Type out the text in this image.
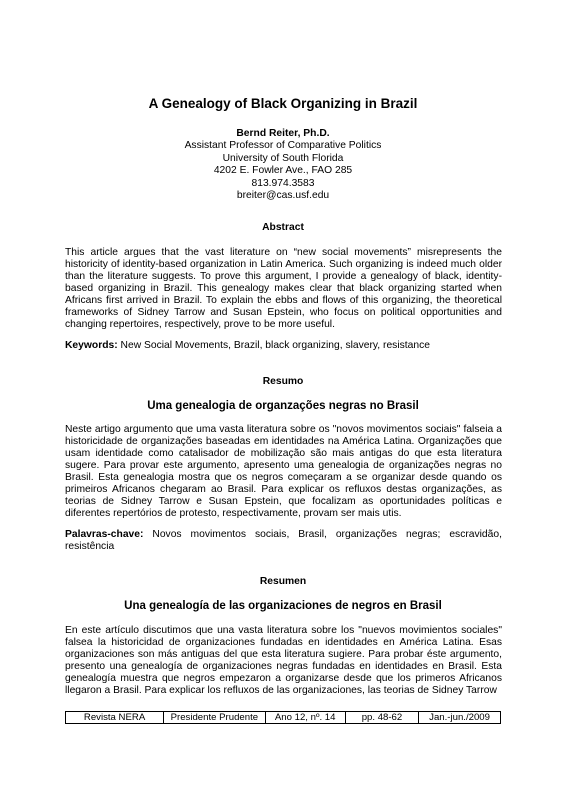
A Genealogy of Black Organizing in Brazil
Bernd Reiter, Ph.D.
Assistant Professor of Comparative Politics
University of South Florida
4202 E. Fowler Ave., FAO 285
813.974.3583
breiter@cas.usf.edu
Abstract
This article argues that the vast literature on “new social movements” misrepresents the historicity of identity-based organization in Latin America. Such organizing is indeed much older than the literature suggests. To prove this argument, I provide a genealogy of black, identity-based organizing in Brazil. This genealogy makes clear that black organizing started when Africans first arrived in Brazil. To explain the ebbs and flows of this organizing, the theoretical frameworks of Sidney Tarrow and Susan Epstein, who focus on political opportunities and changing repertoires, respectively, prove to be more useful.
Keywords: New Social Movements, Brazil, black organizing, slavery, resistance
Resumo
Uma genealogia de organzações negras no Brasil
Neste artigo argumento que uma vasta literatura sobre os "novos movimentos sociais" falseia a historicidade de organizações baseadas em identidades na América Latina. Organizações que usam identidade como catalisador de mobilização são mais antigas do que esta literatura sugere. Para provar este argumento, apresento uma genealogia de organizações negras no Brasil. Esta genealogia mostra que os negros começaram a se organizar desde quando os primeiros Africanos chegaram ao Brasil. Para explicar os refluxos destas organizações, as teorias de Sidney Tarrow e Susan Epstein, que focalizam as oportunidades políticas e diferentes repertórios de protesto, respectivamente, provam ser mais utis.
Palavras-chave: Novos movimentos sociais, Brasil, organizações negras; escravidão, resistência
Resumen
Una genealogía de las organizaciones de negros en Brasil
En este artículo discutimos que una vasta literatura sobre los "nuevos movimientos sociales" falsea la historicidad de organizaciones fundadas en identidades en América Latina. Esas organizaciones son más antiguas del que esta literatura sugiere. Para probar éste argumento, presento una genealogía de organizaciones negras fundadas en identidades en Brasil. Esta genealogía muestra que negros empezaron a organizarse desde que los primeros Africanos llegaron a Brasil. Para explicar los refluxos de las organizaciones, las teorias de Sidney Tarrow
Revista NERA	Presidente Prudente	Ano 12, nº. 14	pp. 48-62	Jan.-jun./2009
